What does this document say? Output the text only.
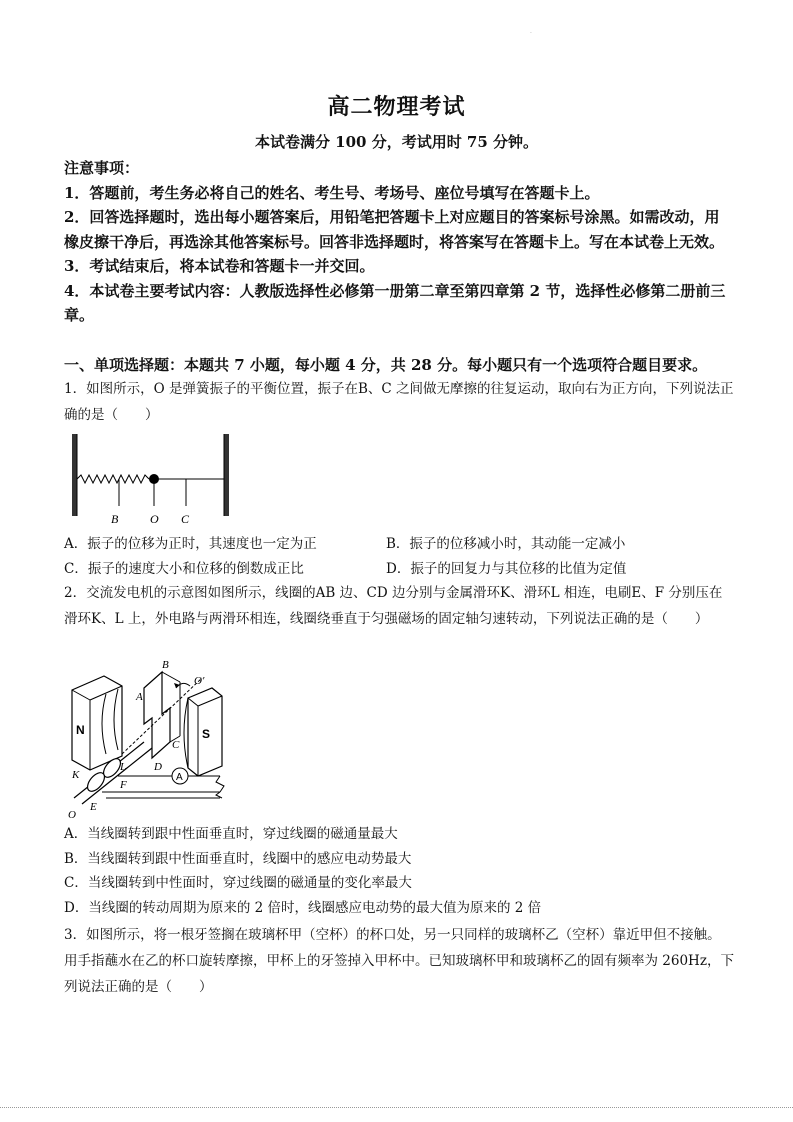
·
高二物理考试
本试卷满分 100 分，考试用时 75 分钟。

注意事项：

1．答题前，考生务必将自己的姓名、考生号、考场号、座位号填写在答题卡上。

2．回答选择题时，选出每小题答案后，用铅笔把答题卡上对应题目的答案标号涂黑。如需改动，用橡皮擦干净后，再选涂其他答案标号。回答非选择题时，将答案写在答题卡上。写在本试卷上无效。

3．考试结束后，将本试卷和答题卡一并交回。

4．本试卷主要考试内容：人教版选择性必修第一册第二章至第四章第 2 节，选择性必修第二册前三章。

一、单项选择题：本题共 7 小题，每小题 4 分，共 28 分。每小题只有一个选项符合题目要求。

1．如图所示，O 是弹簧振子的平衡位置，振子在B、C 之间做无摩擦的往复运动，取向右为正方向，下列说法正确的是（　　）

B	O C
A．振子的位移为正时，其速度也一定为正	B．振子的位移减小时，其动能一定减小
C．振子的速度大小和位移的倒数成正比	D．振子的回复力与其位移的比值为定值

2．交流发电机的示意图如图所示，线圈的AB 边、CD 边分别与金属滑环K、滑环L 相连，电刷E、F 分别压在滑环K、L 上，外电路与两滑环相连，线圈绕垂直于匀强磁场的固定轴匀速转动，下列说法正确的是（　　）

N	S
B
A
C
D
O′
L
K	A
F
E
O
A．当线圈转到跟中性面垂直时，穿过线圈的磁通量最大
B．当线圈转到跟中性面垂直时，线圈中的感应电动势最大
C．当线圈转到中性面时，穿过线圈的磁通量的变化率最大
D．当线圈的转动周期为原来的 2 倍时，线圈感应电动势的最大值为原来的 2 倍

3．如图所示，将一根牙签搁在玻璃杯甲（空杯）的杯口处，另一只同样的玻璃杯乙（空杯）靠近甲但不接触。用手指蘸水在乙的杯口旋转摩擦，甲杯上的牙签掉入甲杯中。已知玻璃杯甲和玻璃杯乙的固有频率为 260Hz，下列说法正确的是（　　）
